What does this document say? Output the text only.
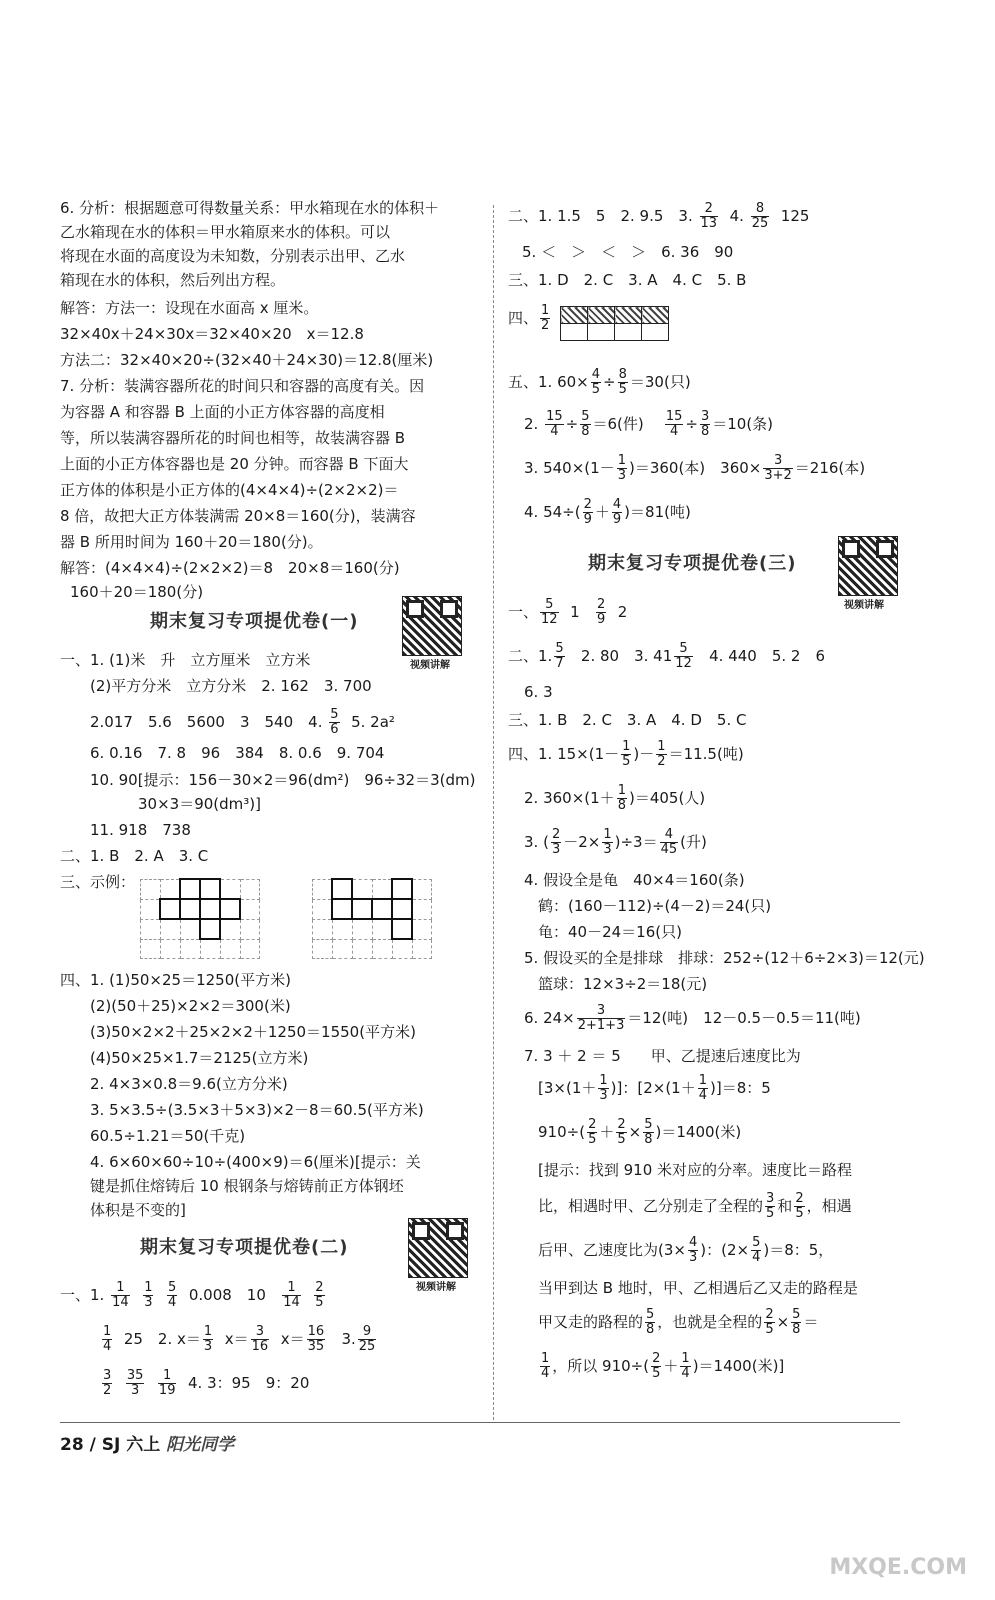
6. 分析：根据题意可得数量关系：甲水箱现在水的体积＋
乙水箱现在水的体积＝甲水箱原来水的体积。可以
将现在水面的高度设为未知数，分别表示出甲、乙水
箱现在水的体积，然后列出方程。
解答：方法一：设现在水面高 x 厘米。
32×40x＋24×30x＝32×40×20　x＝12.8
方法二：32×40×20÷(32×40＋24×30)＝12.8(厘米)
7. 分析：装满容器所花的时间只和容器的高度有关。因
为容器 A 和容器 B 上面的小正方体容器的高度相
等，所以装满容器所花的时间也相等，故装满容器 B
上面的小正方体容器也是 20 分钟。而容器 B 下面大
正方体的体积是小正方体的(4×4×4)÷(2×2×2)＝
8 倍，故把大正方体装满需 20×8＝160(分)，装满容
器 B 所用时间为 160＋20＝180(分)。
解答：(4×4×4)÷(2×2×2)＝8　20×8＝160(分)
160＋20＝180(分)
期末复习专项提优卷(一)
视频讲解
一、1. (1)米　升　立方厘米　立方米
(2)平方分米　立方分米　2. 162　3. 700
2.017　5.6　5600　3　540　4. $\frac{5}{6} 5$. 2a²
6. 0.16　7. 8　96　384　8. 0.6　9. 704
10. 90[提示：156－30×2＝96(dm²)　96÷32＝3(dm)
30×3＝90(dm³)]
11. 918　738
二、1. B　2. A　3. C
三、示例：

四、1. (1)50×25＝1250(平方米)
(2)(50＋25)×2×2＝300(米)
(3)50×2×2＋25×2×2＋1250＝1550(平方米)
(4)50×25×1.7＝2125(立方米)
2. 4×3×0.8＝9.6(立方分米)
3. 5×3.5÷(3.5×3＋5×3)×2－8＝60.5(平方米)
60.5÷1.21＝50(千克)
4. 6×60×60÷10÷(400×9)＝6(厘米)[提示：关
键是抓住熔铸后 10 根钢条与熔铸前正方体钢坯
体积是不变的]
期末复习专项提优卷(二)
视频讲解
一、1. $\frac{1}{14}$
$\frac{1}{3}$
$\frac{5}{4} 0.008$　$10 \frac{1}{14}$
$\frac{2}{5}$
$\frac{1}{4} 25$　2. $x= \frac{1}{3} x= \frac{3}{16} x= \frac{16}{35} 3$. $\frac{9}{25}$
$\frac{3}{2}$
$\frac{35}{3}$
$\frac{1}{19} 4$. 3：95　9：20
二、1. 1.5　5　2. 9.5　3. $\frac{2}{13} 4$. $\frac{8}{25} 125$
5. ＜　＞　＜　＞　6. 36　90
三、1. D　2. C　3. A　4. C　5. B
四、 $\frac{1}{2}$

五、1. $60\times \frac{4}{5} \div \frac{8}{5} =30$(只)
2. $\frac{15}{4} \div \frac{5}{8} =6$(件) $\frac{15}{4} \div \frac{3}{8} =10$(条)
3. $540\times(1- \frac{1}{3} )=360$(本)　$360\times \frac{3}{3+2} =216$(本)
4. $54\div( \frac{2}{9} + \frac{4}{9} )=81$(吨)
期末复习专项提优卷(三)
视频讲解
一、 $\frac{5}{12} 1 \frac{2}{9} 2$
二、1. $\frac{5}{7} 2$. 80　3. $41 \frac{5}{12} 4$. 440　5. 2　6
6. 3
三、1. B　2. C　3. A　4. D　5. C
四、1. $15\times(1- \frac{1}{5}$ )－ $\frac{1}{2} =11.5$(吨)
2. $360\times(1+ \frac{1}{8} )=405$(人)
3. ( $\frac{2}{3} -2\times \frac{1}{3} )\div 3= \frac{4}{45}$ (升)
4. 假设全是龟　40×4＝160(条)
鹤：(160－112)÷(4－2)＝24(只)
龟：40－24＝16(只)
5. 假设买的全是排球　排球：252÷(12＋6÷2×3)＝12(元)
篮球：12×3÷2＝18(元)
6. $24\times \frac{3}{2+1+3} =12$(吨)　12－0.5－0.5＝11(吨)
7. 3 ＋ 2 ＝ 5　　甲、乙提速后速度比为
[$3\times(1+ \frac{1}{3}$ )]：$[2\times(1+ \frac{1}{4} )]=8$：5
$910\div( \frac{2}{5} + \frac{2}{5} \times \frac{5}{8} )=1400$(米)
[提示：找到 910 米对应的分率。速度比＝路程
比，相遇时甲、乙分别走了全程的 $\frac{3}{5}$ 和 $\frac{2}{5}$ ，相遇
后甲、乙速度比为($3\times \frac{4}{3}$ )：$(2\times \frac{5}{4} )=8$：5，
当甲到达 B 地时，甲、乙相遇后乙又走的路程是
甲又走的路程的 $\frac{5}{8}$ ，也就是全程的 $\frac{2}{5} \times \frac{5}{8}$ ＝
$\frac{1}{4}$ ，所以 $910\div( \frac{2}{5} + \frac{1}{4} )=1400$(米)]
28 / SJ 六上 阳光同学
MXQE.COM
